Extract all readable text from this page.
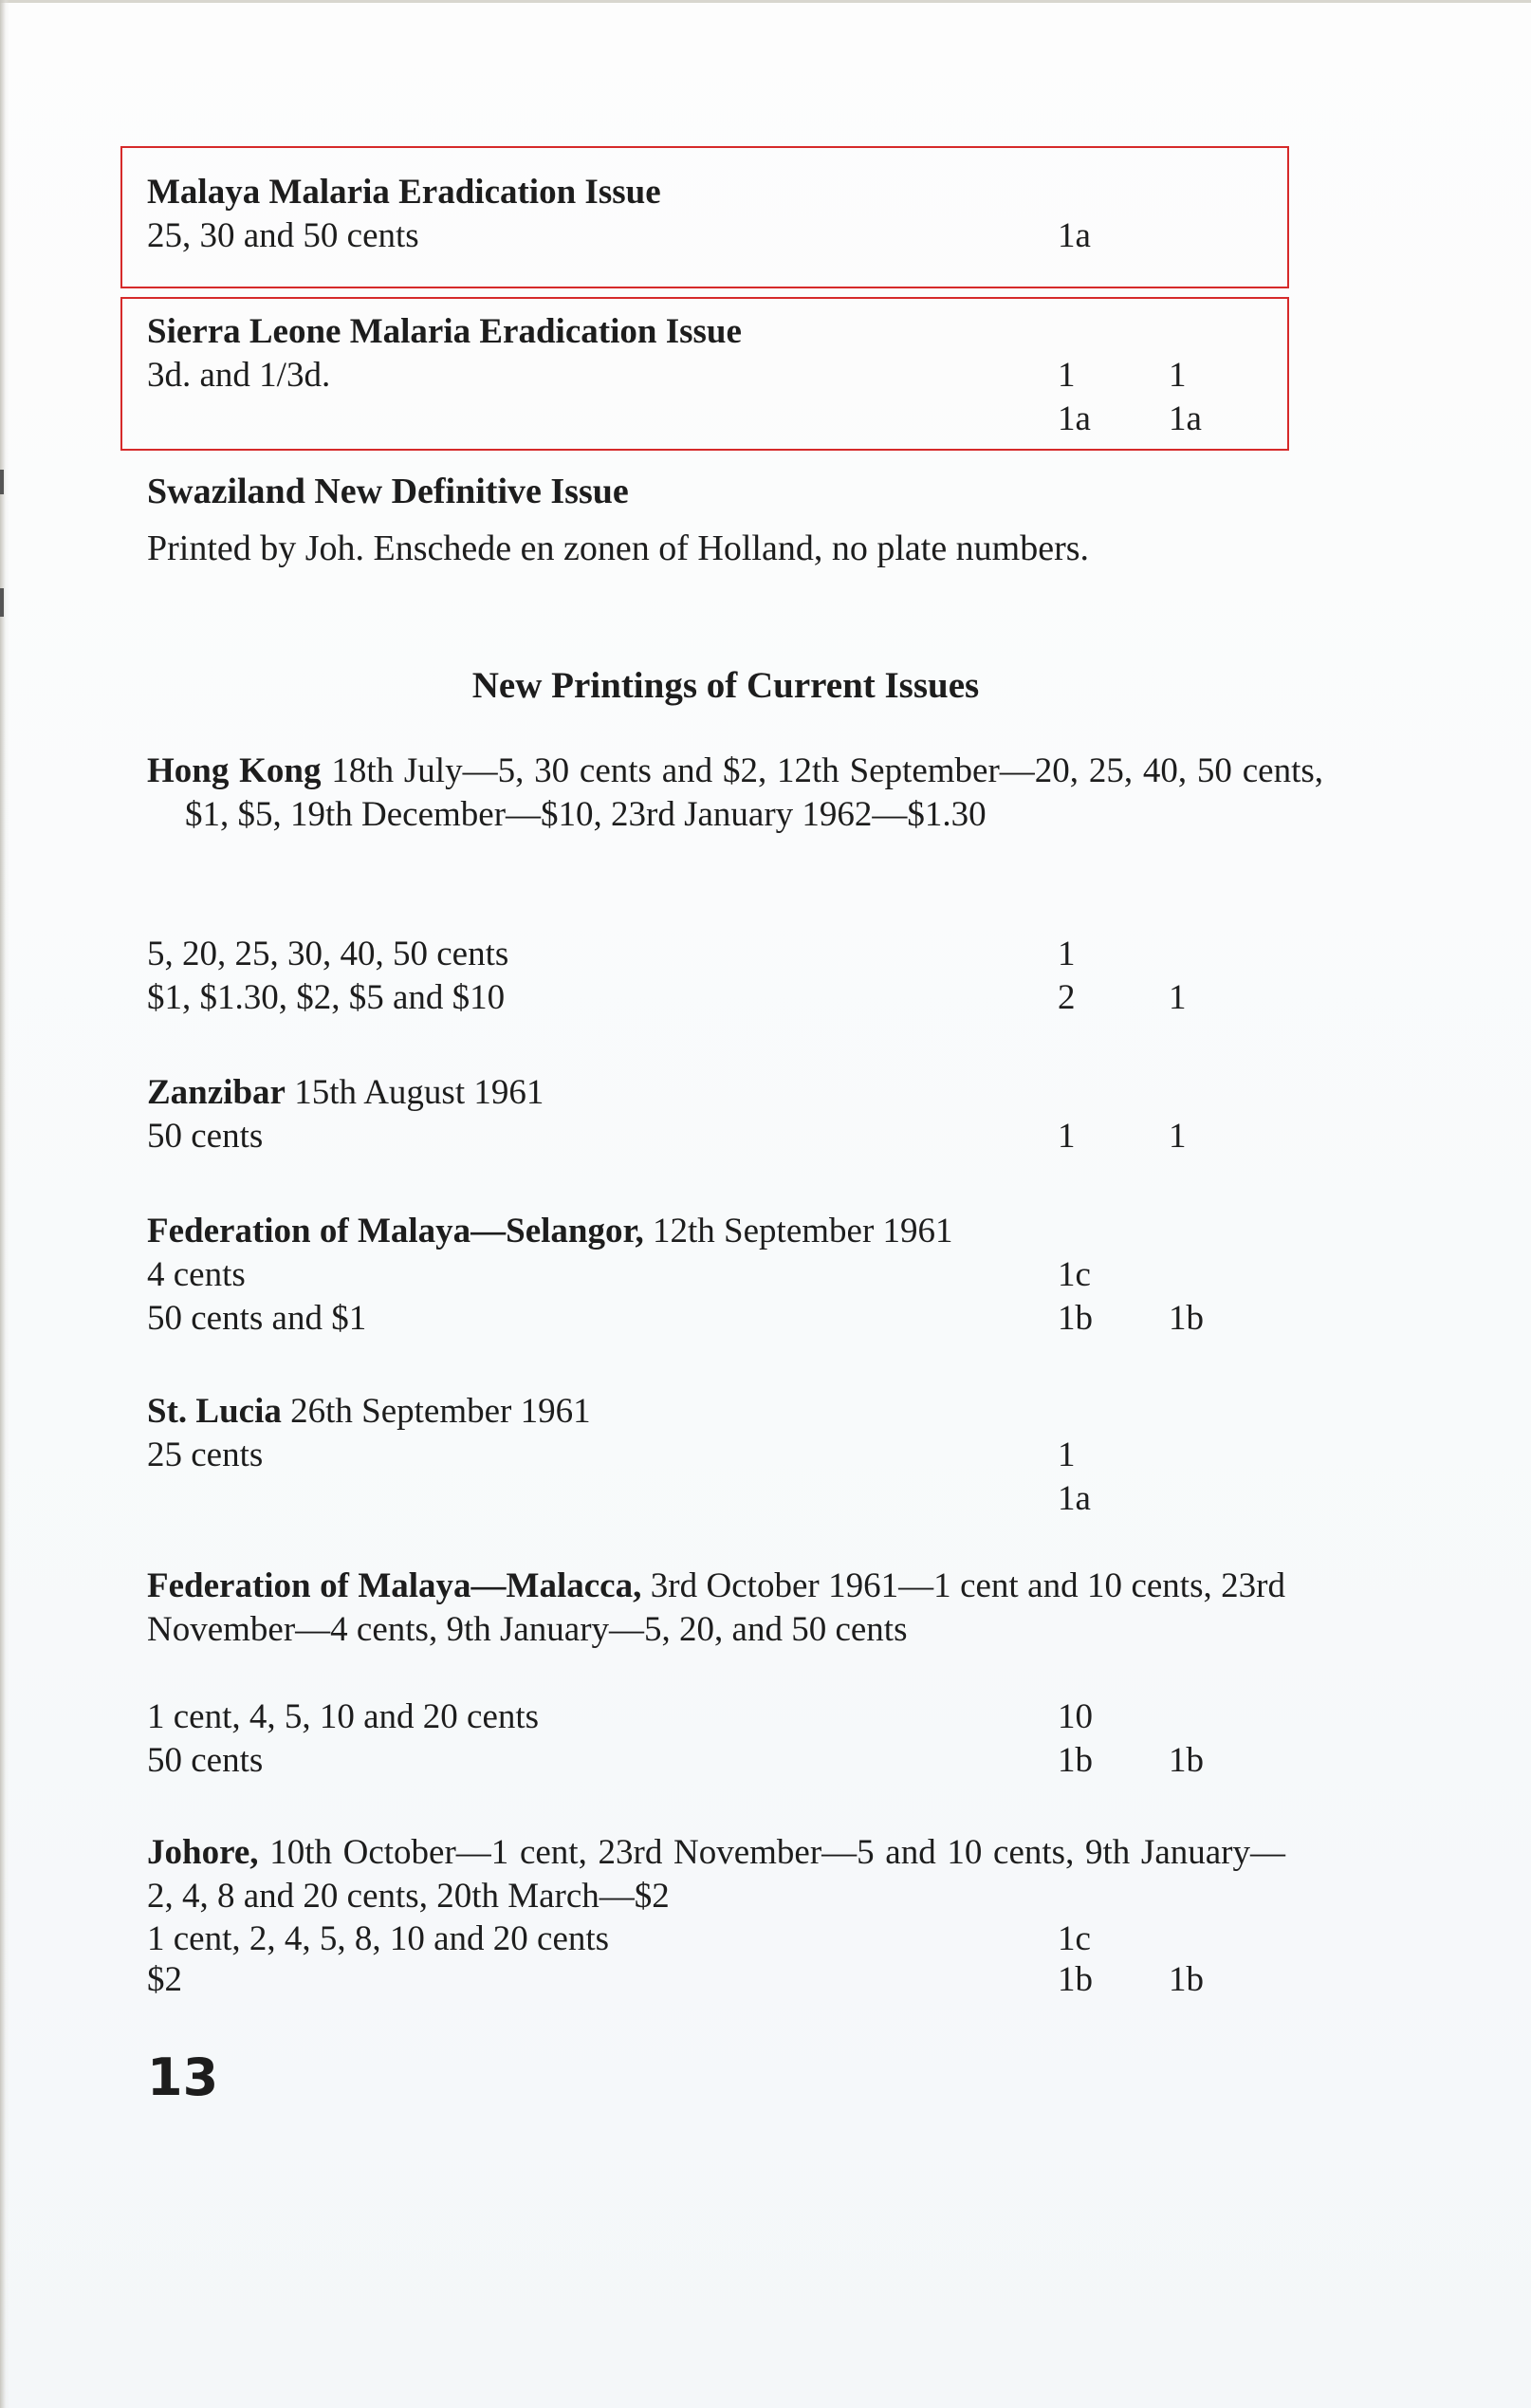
Malaya Malaria Eradication Issue
25, 30 and 50 cents	1a
Sierra Leone Malaria Eradication Issue
3d. and 1/3d.	1	1
1a 1a
Swaziland New Definitive Issue
Printed by Joh. Enschede en zonen of Holland, no plate numbers.
New Printings of Current Issues
Hong Kong 18th July—5, 30 cents and $2, 12th September—20, 25, 40, 50 cents, $1, $5, 19th December—$10, 23rd January 1962—$1.30
5, 20, 25, 30, 40, 50 cents	1
$1, $1.30, $2, $5 and $10	2	1
Zanzibar 15th August 1961
50 cents	1	1
Federation of Malaya—Selangor, 12th September 1961
4 cents	1c
50 cents and $1	1b 1b
St. Lucia 26th September 1961
25 cents	1
1a
Federation of Malaya—Malacca, 3rd October 1961—1 cent and 10 cents, 23rd November—4 cents, 9th January—5, 20, and 50 cents
1 cent, 4, 5, 10 and 20 cents	10
50 cents	1b 1b
Johore, 10th October—1 cent, 23rd November—5 and 10 cents, 9th January—2, 4, 8 and 20 cents, 20th March—$2
1 cent, 2, 4, 5, 8, 10 and 20 cents	1c
$2	1b 1b
13
